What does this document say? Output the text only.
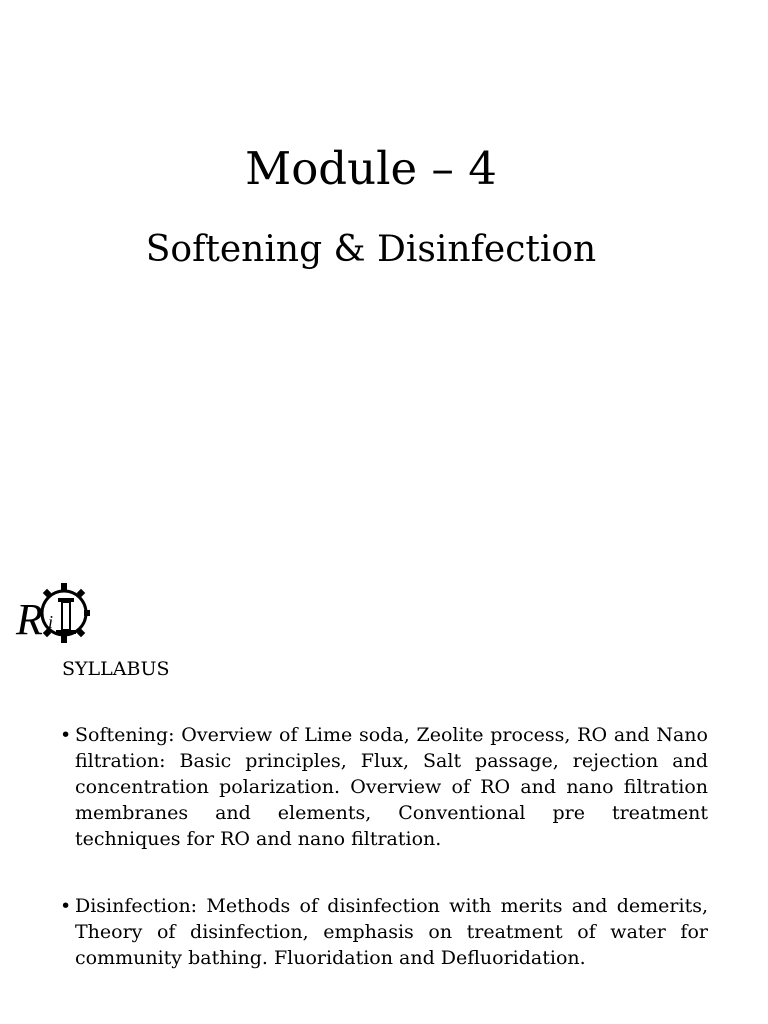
Module – 4
Softening & Disinfection
R i

SYLLABUS

• Softening: Overview of Lime soda, Zeolite process, RO and Nano filtration: Basic principles, Flux, Salt passage, rejection and concentration polarization. Overview of RO and nano filtration membranes and elements, Conventional pre treatment techniques for RO and nano filtration.
• Disinfection: Methods of disinfection with merits and demerits, Theory of disinfection, emphasis on treatment of water for community bathing. Fluoridation and Defluoridation.
